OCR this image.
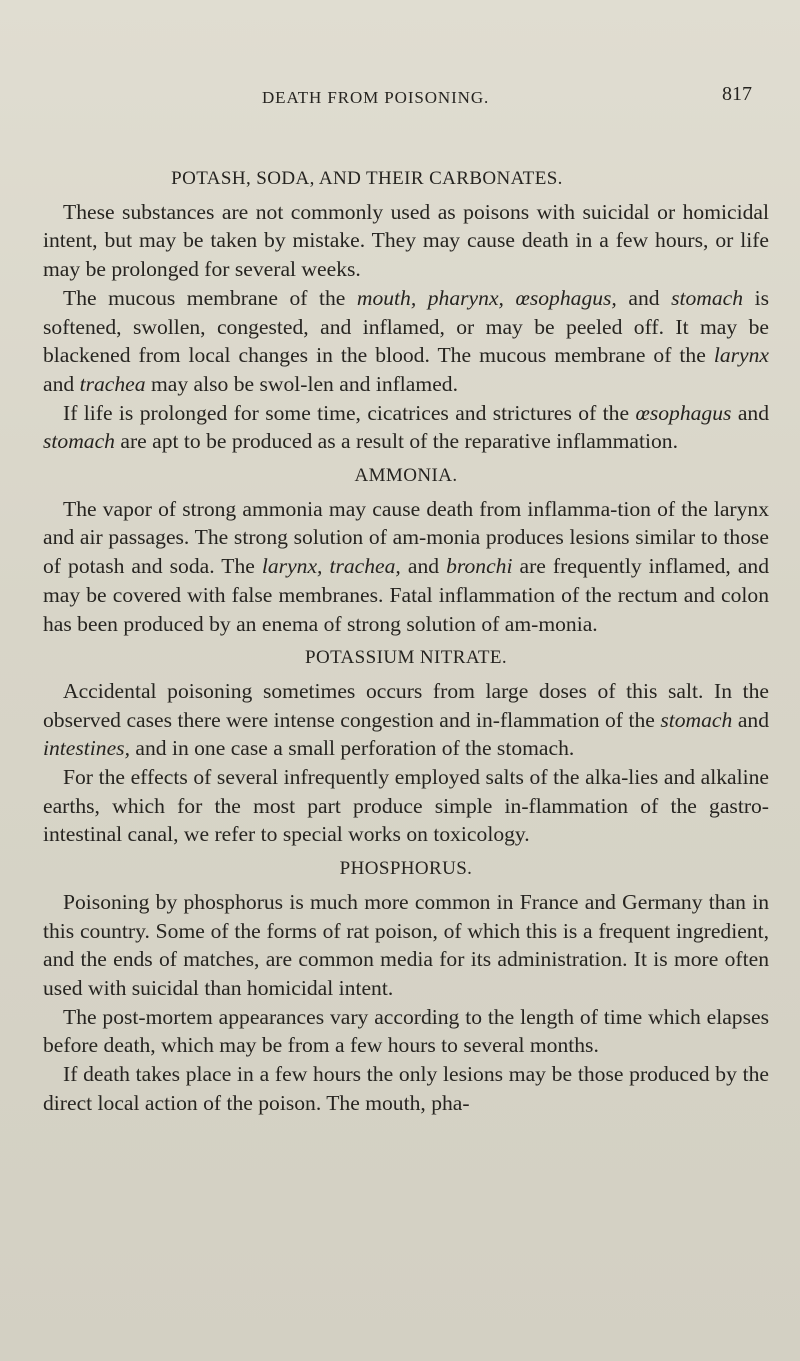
DEATH FROM POISONING.	817
POTASH, SODA, AND THEIR CARBONATES.

These substances are not commonly used as poisons with suicidal or homicidal intent, but may be taken by mistake. They may cause death in a few hours, or life may be prolonged for several weeks.

The mucous membrane of the mouth, pharynx, œsophagus, and stomach is softened, swollen, congested, and inflamed, or may be peeled off. It may be blackened from local changes in the blood. The mucous membrane of the larynx and trachea may also be swol-len and inflamed.

If life is prolonged for some time, cicatrices and strictures of the œsophagus and stomach are apt to be produced as a result of the reparative inflammation.

AMMONIA.

The vapor of strong ammonia may cause death from inflamma-tion of the larynx and air passages. The strong solution of am-monia produces lesions similar to those of potash and soda. The larynx, trachea, and bronchi are frequently inflamed, and may be covered with false membranes. Fatal inflammation of the rectum and colon has been produced by an enema of strong solution of am-monia.

POTASSIUM NITRATE.

Accidental poisoning sometimes occurs from large doses of this salt. In the observed cases there were intense congestion and in-flammation of the stomach and intestines, and in one case a small perforation of the stomach.

For the effects of several infrequently employed salts of the alka-lies and alkaline earths, which for the most part produce simple in-flammation of the gastro-intestinal canal, we refer to special works on toxicology.

PHOSPHORUS.

Poisoning by phosphorus is much more common in France and Germany than in this country. Some of the forms of rat poison, of which this is a frequent ingredient, and the ends of matches, are common media for its administration. It is more often used with suicidal than homicidal intent.

The post-mortem appearances vary according to the length of time which elapses before death, which may be from a few hours to several months.

If death takes place in a few hours the only lesions may be those produced by the direct local action of the poison. The mouth, pha-
